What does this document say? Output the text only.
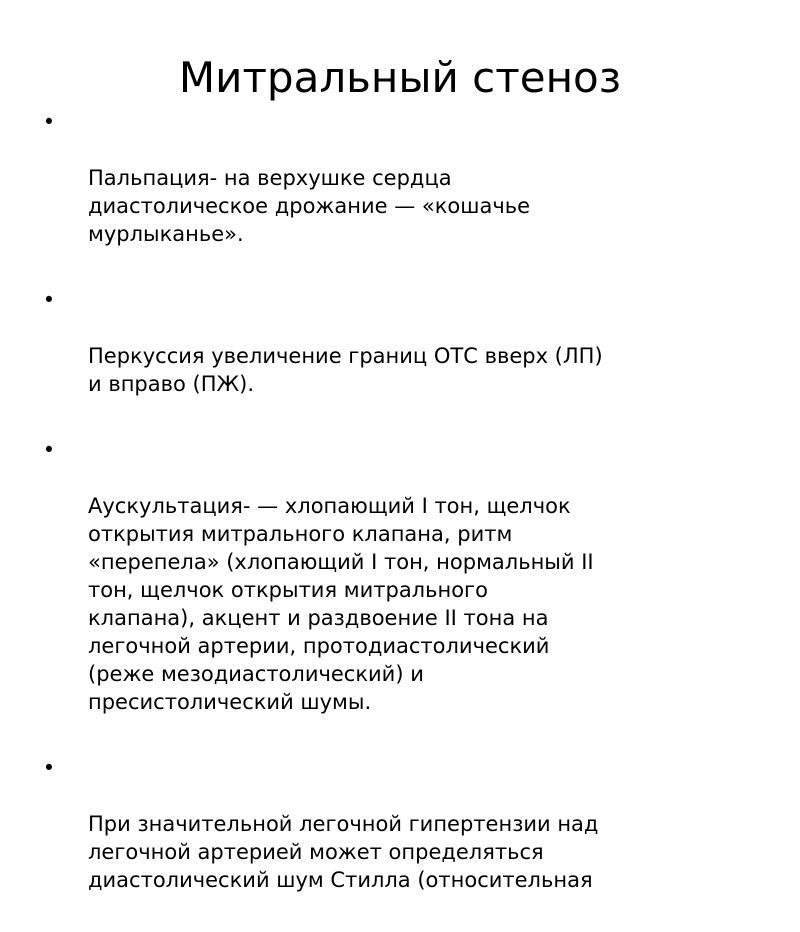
Митральный стеноз

•

Пальпация- на верхушке сердца
диастолическое дрожание — «кошачье
мурлыканье».

•

Перкуссия увеличение границ ОТС вверх (ЛП)
и вправо (ПЖ).

•

Аускультация- — хлопающий I тон, щелчок
открытия митрального клапана, ритм
«перепела» (хлопающий I тон, нормальный II
тон, щелчок открытия митрального
клапана), акцент и раздвоение II тона на
легочной артерии, протодиастолический
(реже мезодиастолический) и
пресистолический шумы.

•

При значительной легочной гипертензии над
легочной артерией может определяться
диастолический шум Стилла (относительная
